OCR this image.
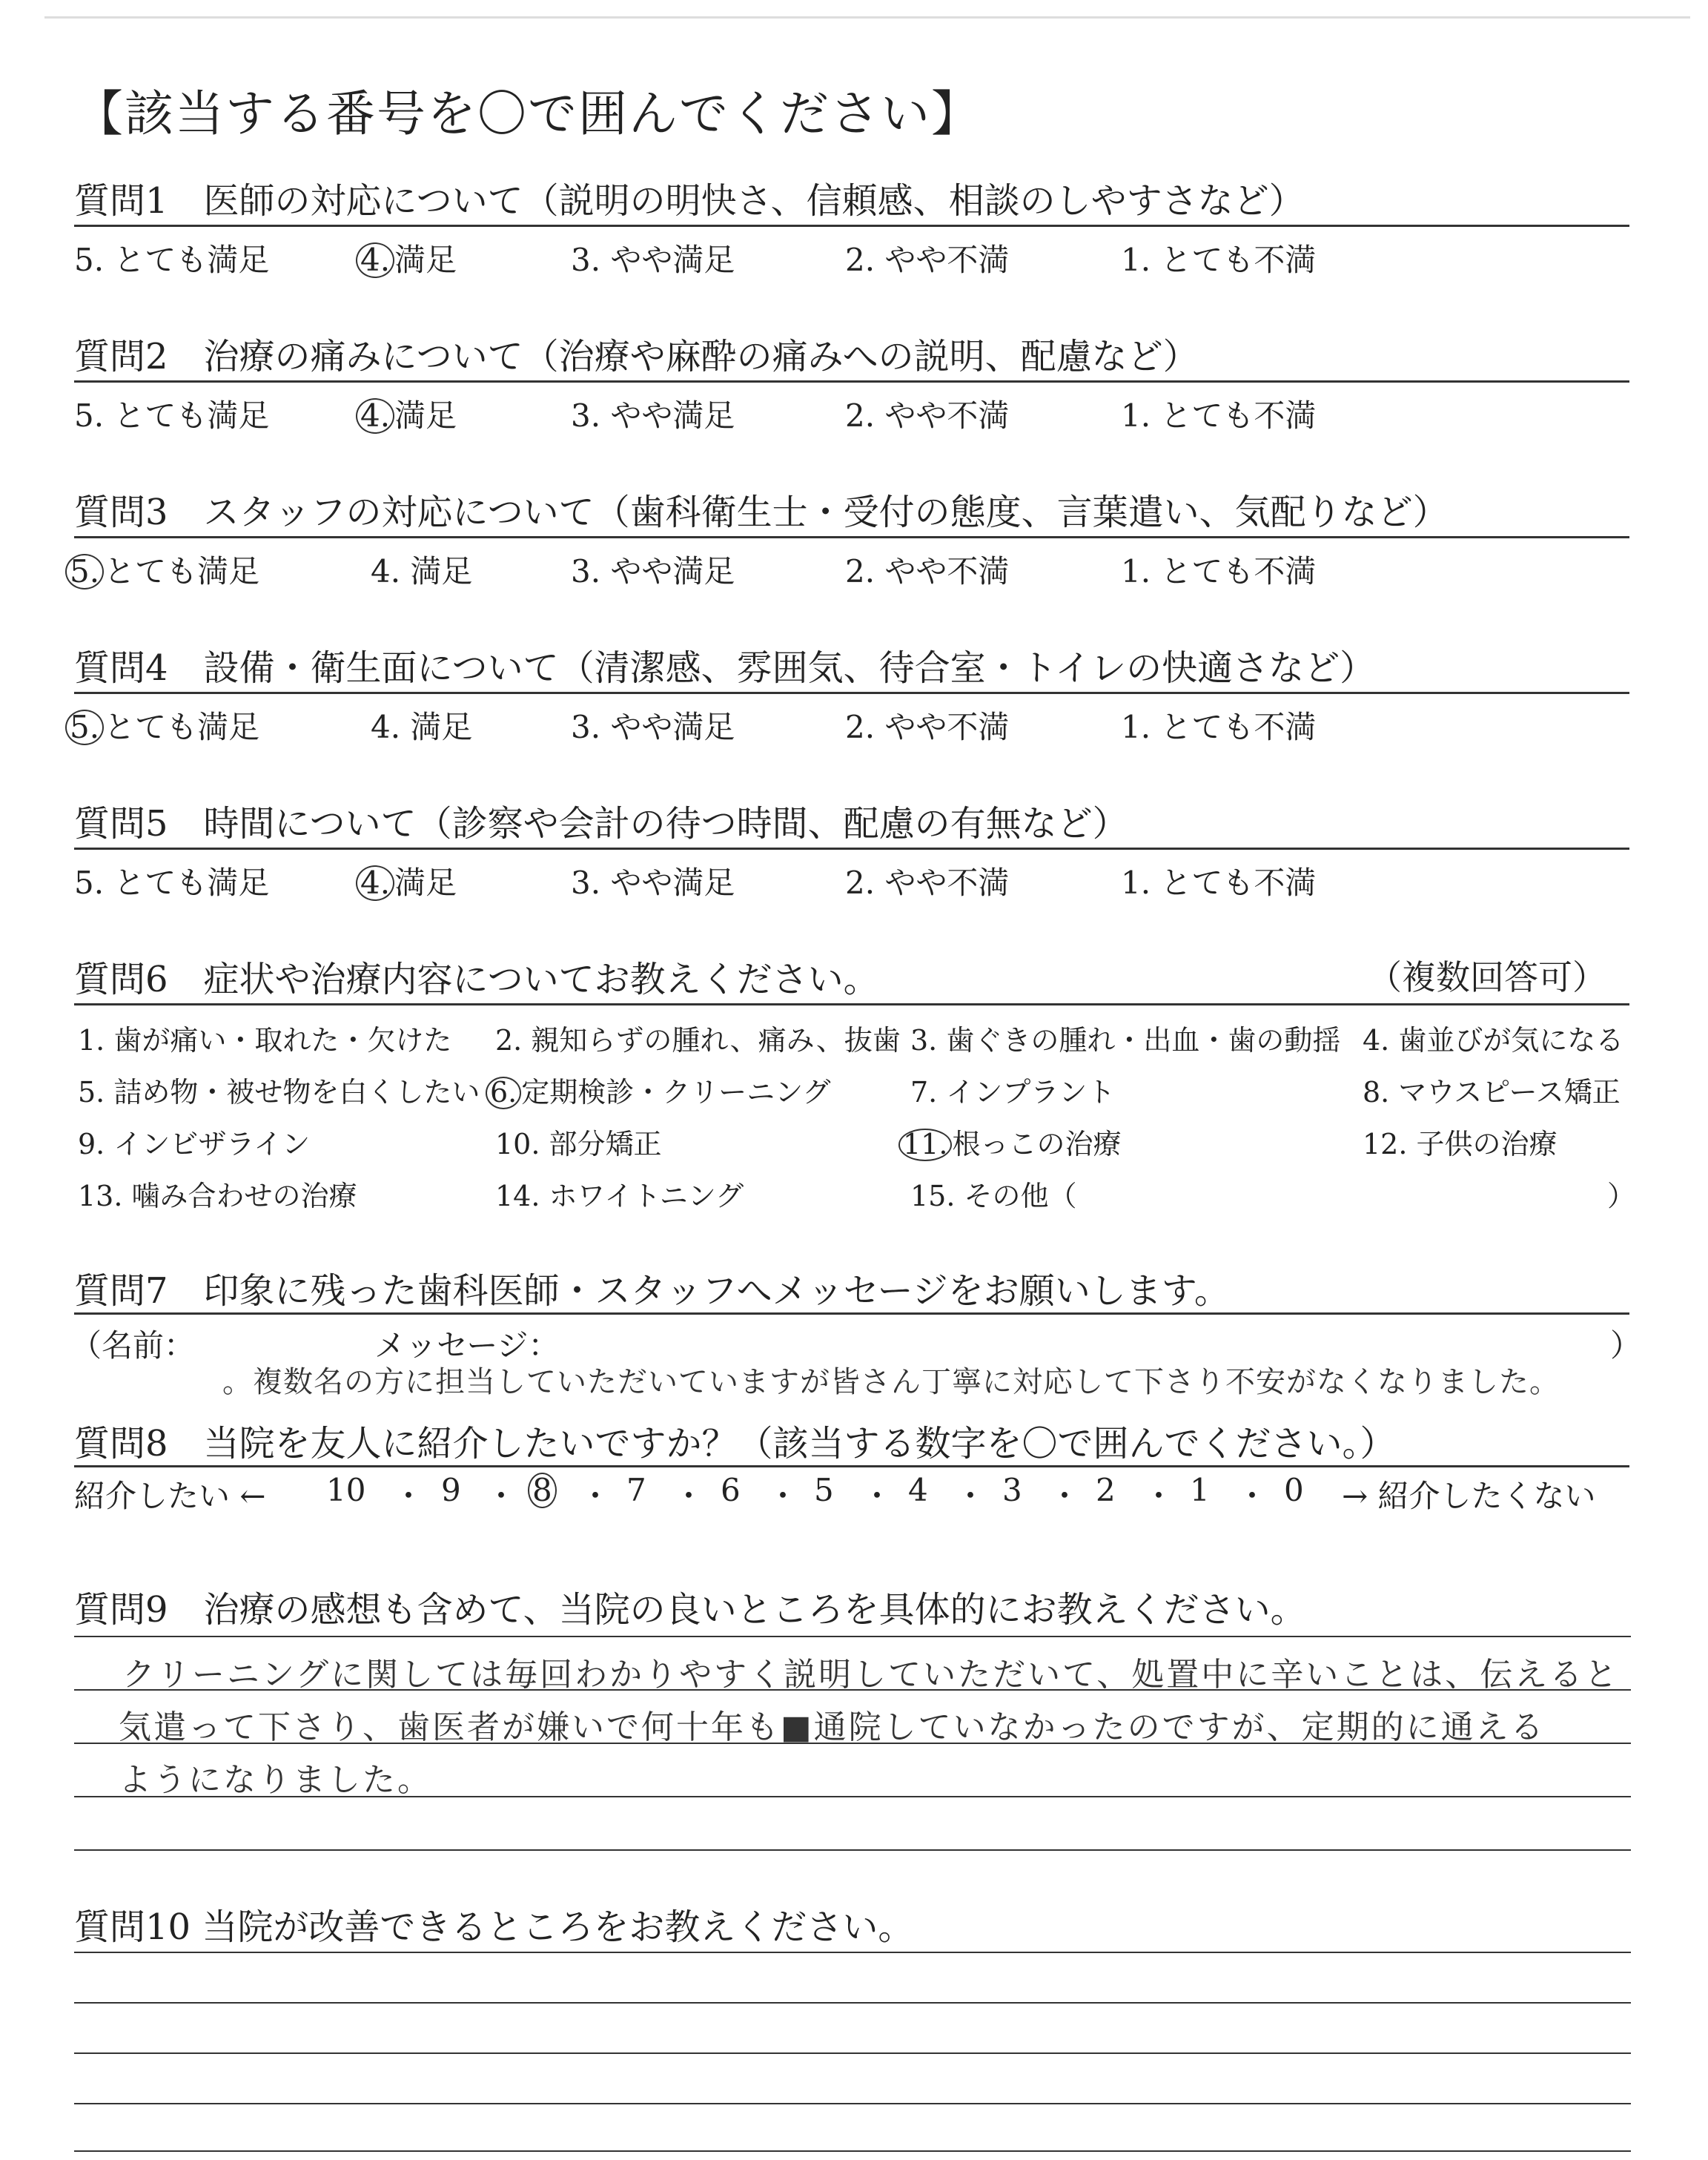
【該当する番号を〇で囲んでください】
質問1　医師の対応について（説明の明快さ、信頼感、相談のしやすさなど）
5. とても満足	4. 満足	3. やや満足	2. やや不満	1. とても不満
質問2　治療の痛みについて（治療や麻酔の痛みへの説明、配慮など）
5. とても満足	4. 満足	3. やや満足	2. やや不満	1. とても不満
質問3　スタッフの対応について（歯科衛生士・受付の態度、言葉遣い、気配りなど）
5. とても満足	4. 満足	3. やや満足	2. やや不満	1. とても不満
質問4　設備・衛生面について（清潔感、雰囲気、待合室・トイレの快適さなど）
5. とても満足	4. 満足	3. やや満足	2. やや不満	1. とても不満
質問5　時間について（診察や会計の待つ時間、配慮の有無など）
5. とても満足	4. 満足	3. やや満足	2. やや不満	1. とても不満
質問6　症状や治療内容についてお教えください。	（複数回答可）
1. 歯が痛い・取れた・欠けた 2. 親知らずの腫れ、痛み、抜歯 3. 歯ぐきの腫れ・出血・歯の動揺 4. 歯並びが気になる
5. 詰め物・被せ物を白くしたい 6. 定期検診・クリーニング	7. インプラント	8. マウスピース矯正
9. インビザライン	10. 部分矯正	11. 根っこの治療	12. 子供の治療
13. 噛み合わせの治療	14. ホワイトニング	15. その他（	）
質問7　印象に残った歯科医師・スタッフへメッセージをお願いします。
（名前：	メッセージ：	）
。複数名の方に担当していただいていますが皆さん丁寧に対応して下さり不安がなくなりました。
質問8　当院を友人に紹介したいですか？（該当する数字を〇で囲んでください。）
紹介したい ← 10 ・ 9 ・ 8 ・ 7 ・ 6 ・ 5 ・ 4 ・ 3 ・ 2 ・ 1 ・ 0 → 紹介したくない
質問9　治療の感想も含めて、当院の良いところを具体的にお教えください。
クリーニングに関しては毎回わかりやすく説明していただいて、処置中に辛いことは、伝えると
気遣って下さり、歯医者が嫌いで何十年も■通院していなかったのですが、定期的に通える
ようになりました。
質問10 当院が改善できるところをお教えください。
